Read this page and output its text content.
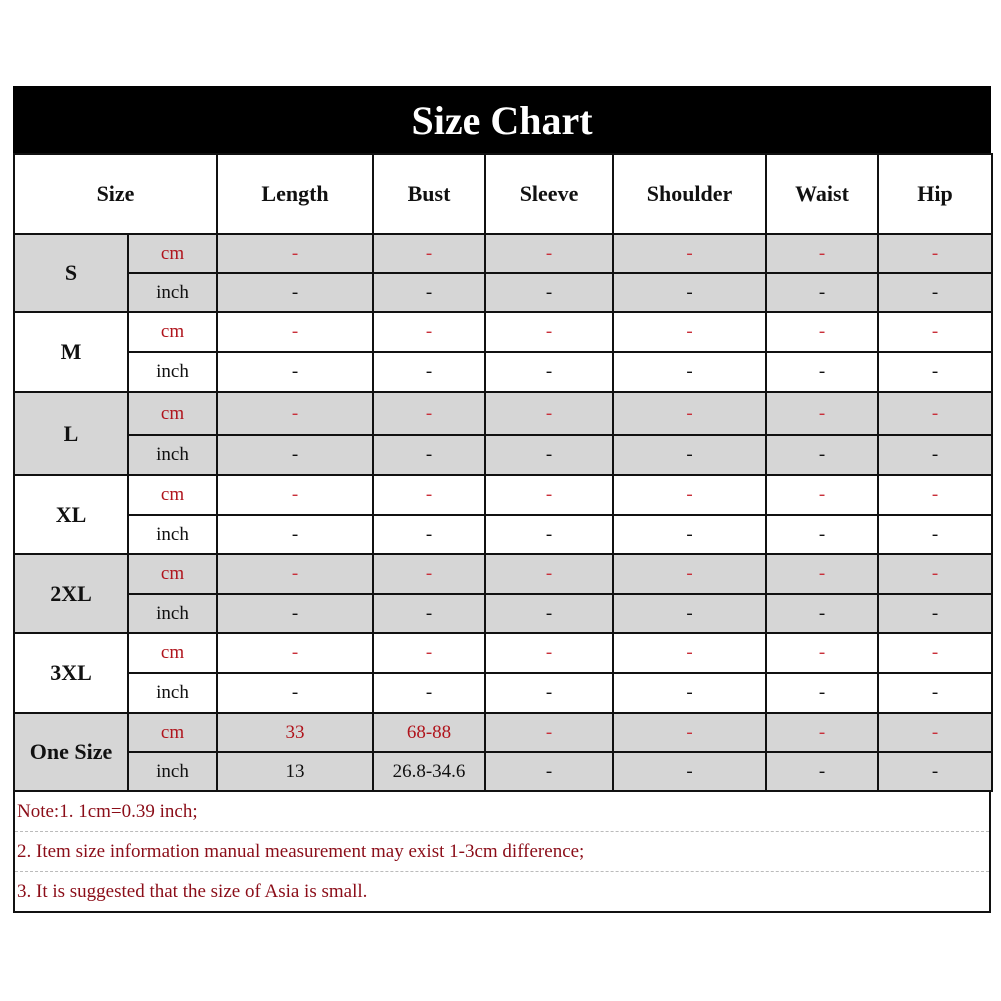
Size Chart
Size		Length	Bust	Sleeve	Shoulder	Waist	Hip
S	cm	-	-	-	-	-	-
	inch	-	-	-	-	-	-
M	cm	-	-	-	-	-	-
	inch	-	-	-	-	-	-
L	cm	-	-	-	-	-	-
	inch	-	-	-	-	-	-
XL	cm	-	-	-	-	-	-
	inch	-	-	-	-	-	-
2XL	cm	-	-	-	-	-	-
	inch	-	-	-	-	-	-
3XL	cm	-	-	-	-	-	-
	inch	-	-	-	-	-	-
One Size	cm	33	68-88	-	-	-	-
	inch	13	26.8-34.6	-	-	-	-
Note:1. 1cm=0.39 inch;
2. Item size information manual measurement may exist 1-3cm difference;
3. It is suggested that the size of Asia is small.
